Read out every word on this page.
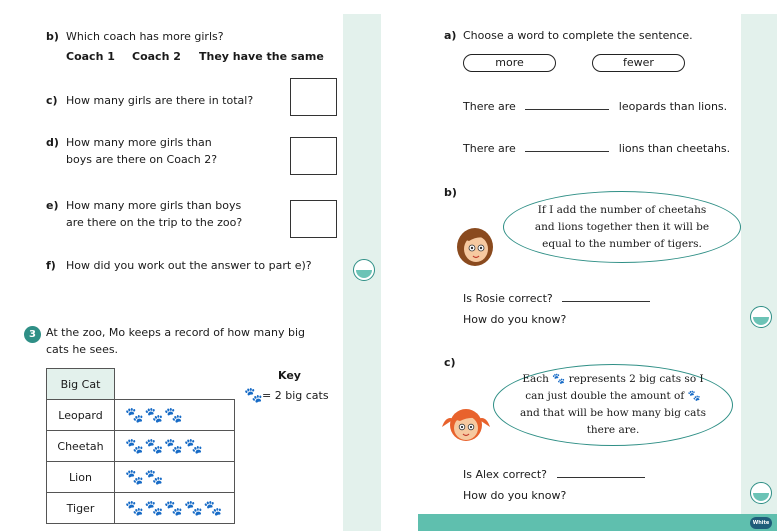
White
b) Which coach has more girls?
Coach 1 Coach 2 They have the same
c) How many girls are there in total?
d) How many more girls than
boys are there on Coach 2?
e) How many more girls than boys
are there on the trip to the zoo?
f) How did you work out the answer to part e)?
3 At the zoo, Mo keeps a record of how many big
cats he sees.
Big Cat	
Leopard	🐾🐾🐾
Cheetah	🐾🐾🐾🐾
Lion	🐾🐾
Tiger	🐾🐾🐾🐾🐾
Key
🐾 = 2 big cats
a) Choose a word to complete the sentence.
more	fewer
There are	leopards than lions.
There are	lions than cheetahs.
b)
If I add the number of cheetahs
and lions together then it will be
equal to the number of tigers.
Is Rosie correct?
How do you know?
c)
Each 🐾 represents 2 big cats so I
can just double the amount of 🐾
and that will be how many big cats
there are.
Is Alex correct?
How do you know?
